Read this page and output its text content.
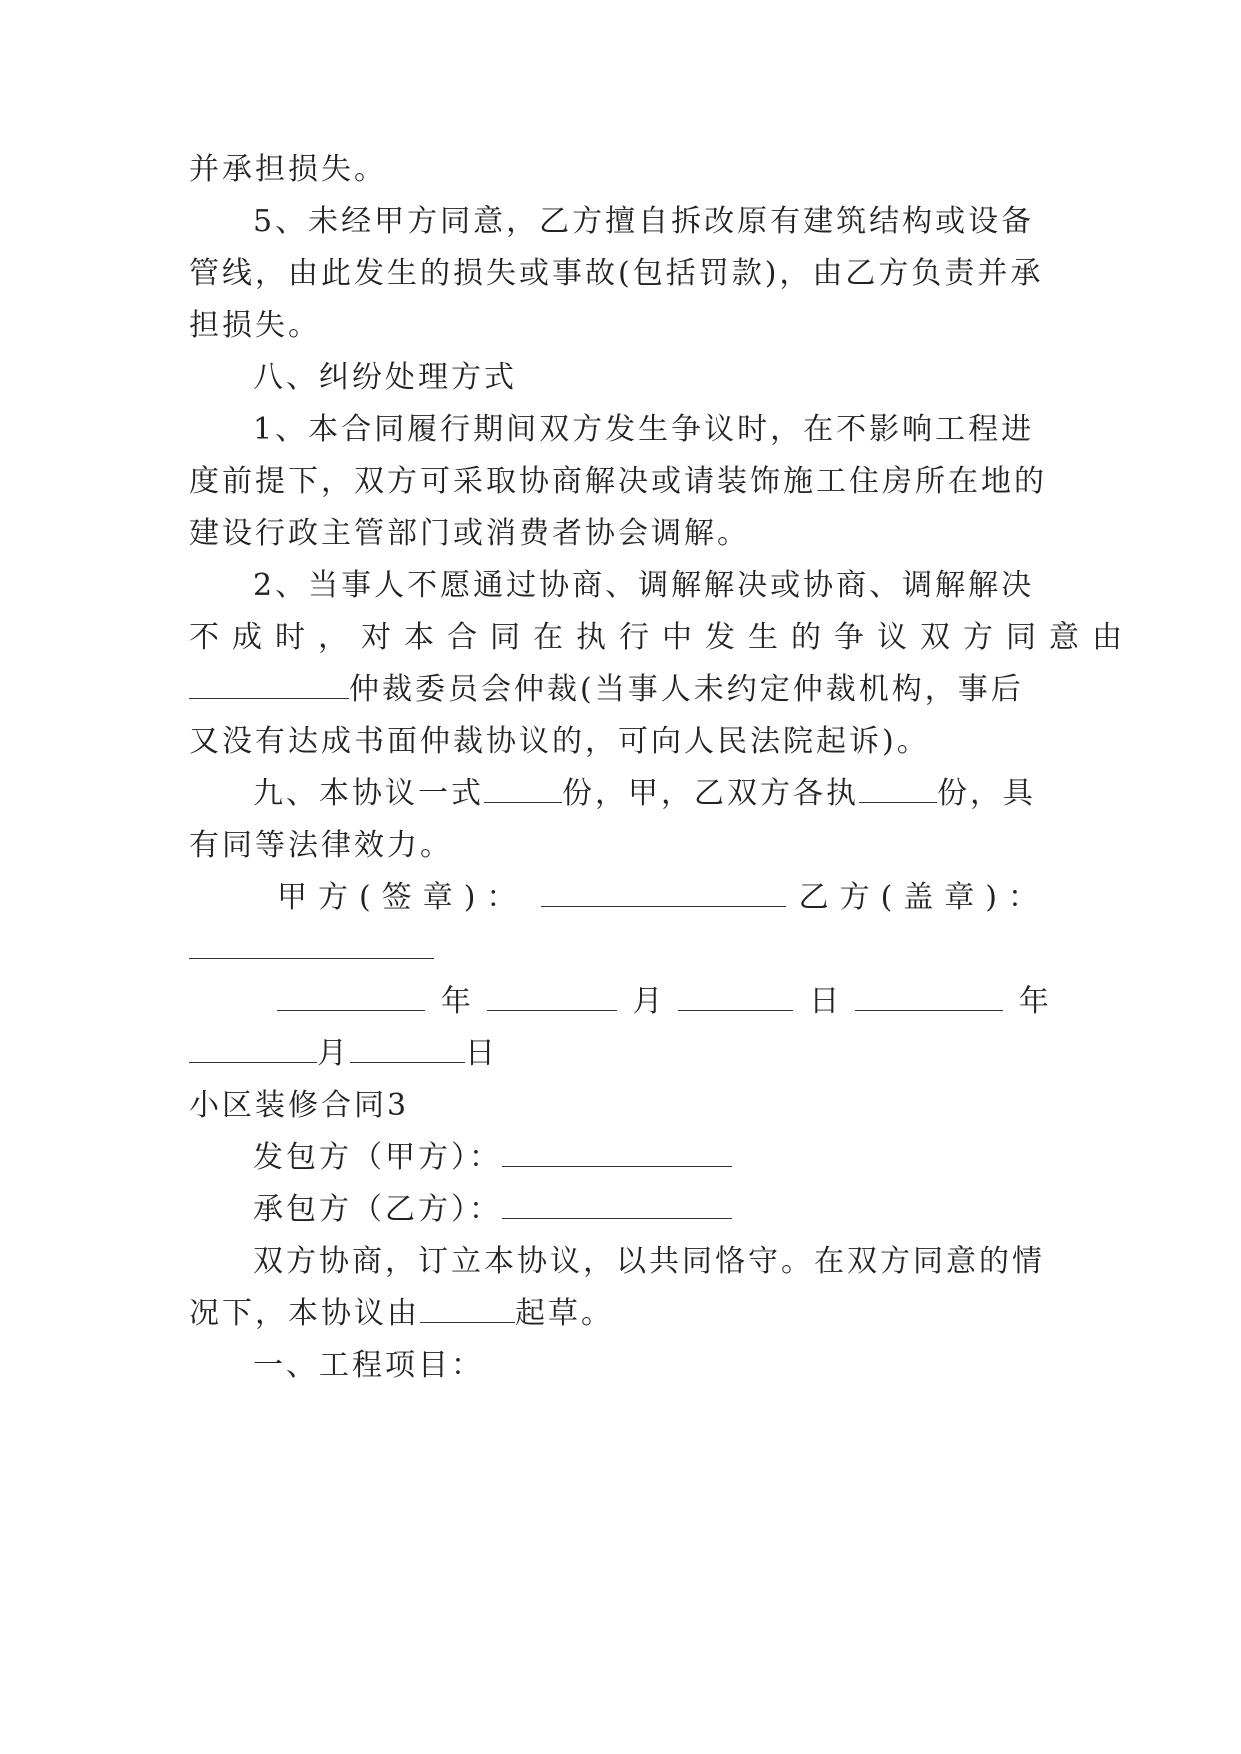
并承担损失。
5、未经甲方同意，乙方擅自拆改原有建筑结构或设备
管线，由此发生的损失或事故(包括罚款)，由乙方负责并承
担损失。
八、纠纷处理方式
1、本合同履行期间双方发生争议时，在不影响工程进
度前提下，双方可采取协商解决或请装饰施工住房所在地的
建设行政主管部门或消费者协会调解。
2、当事人不愿通过协商、调解解决或协商、调解解决
不成时，对本合同在执行中发生的争议双方同意由
仲裁委员会仲裁(当事人未约定仲裁机构，事后
又没有达成书面仲裁协议的，可向人民法院起诉)。
九、本协议一式	份，甲，乙双方各执	份，具
有同等法律效力。
甲方(签章)：	乙方(盖章)：
年	月	日	年
月	日
小区装修合同3
发包方（甲方）：
承包方（乙方）：
双方协商，订立本协议，以共同恪守。在双方同意的情
况下，本协议由	起草。
一、工程项目：
